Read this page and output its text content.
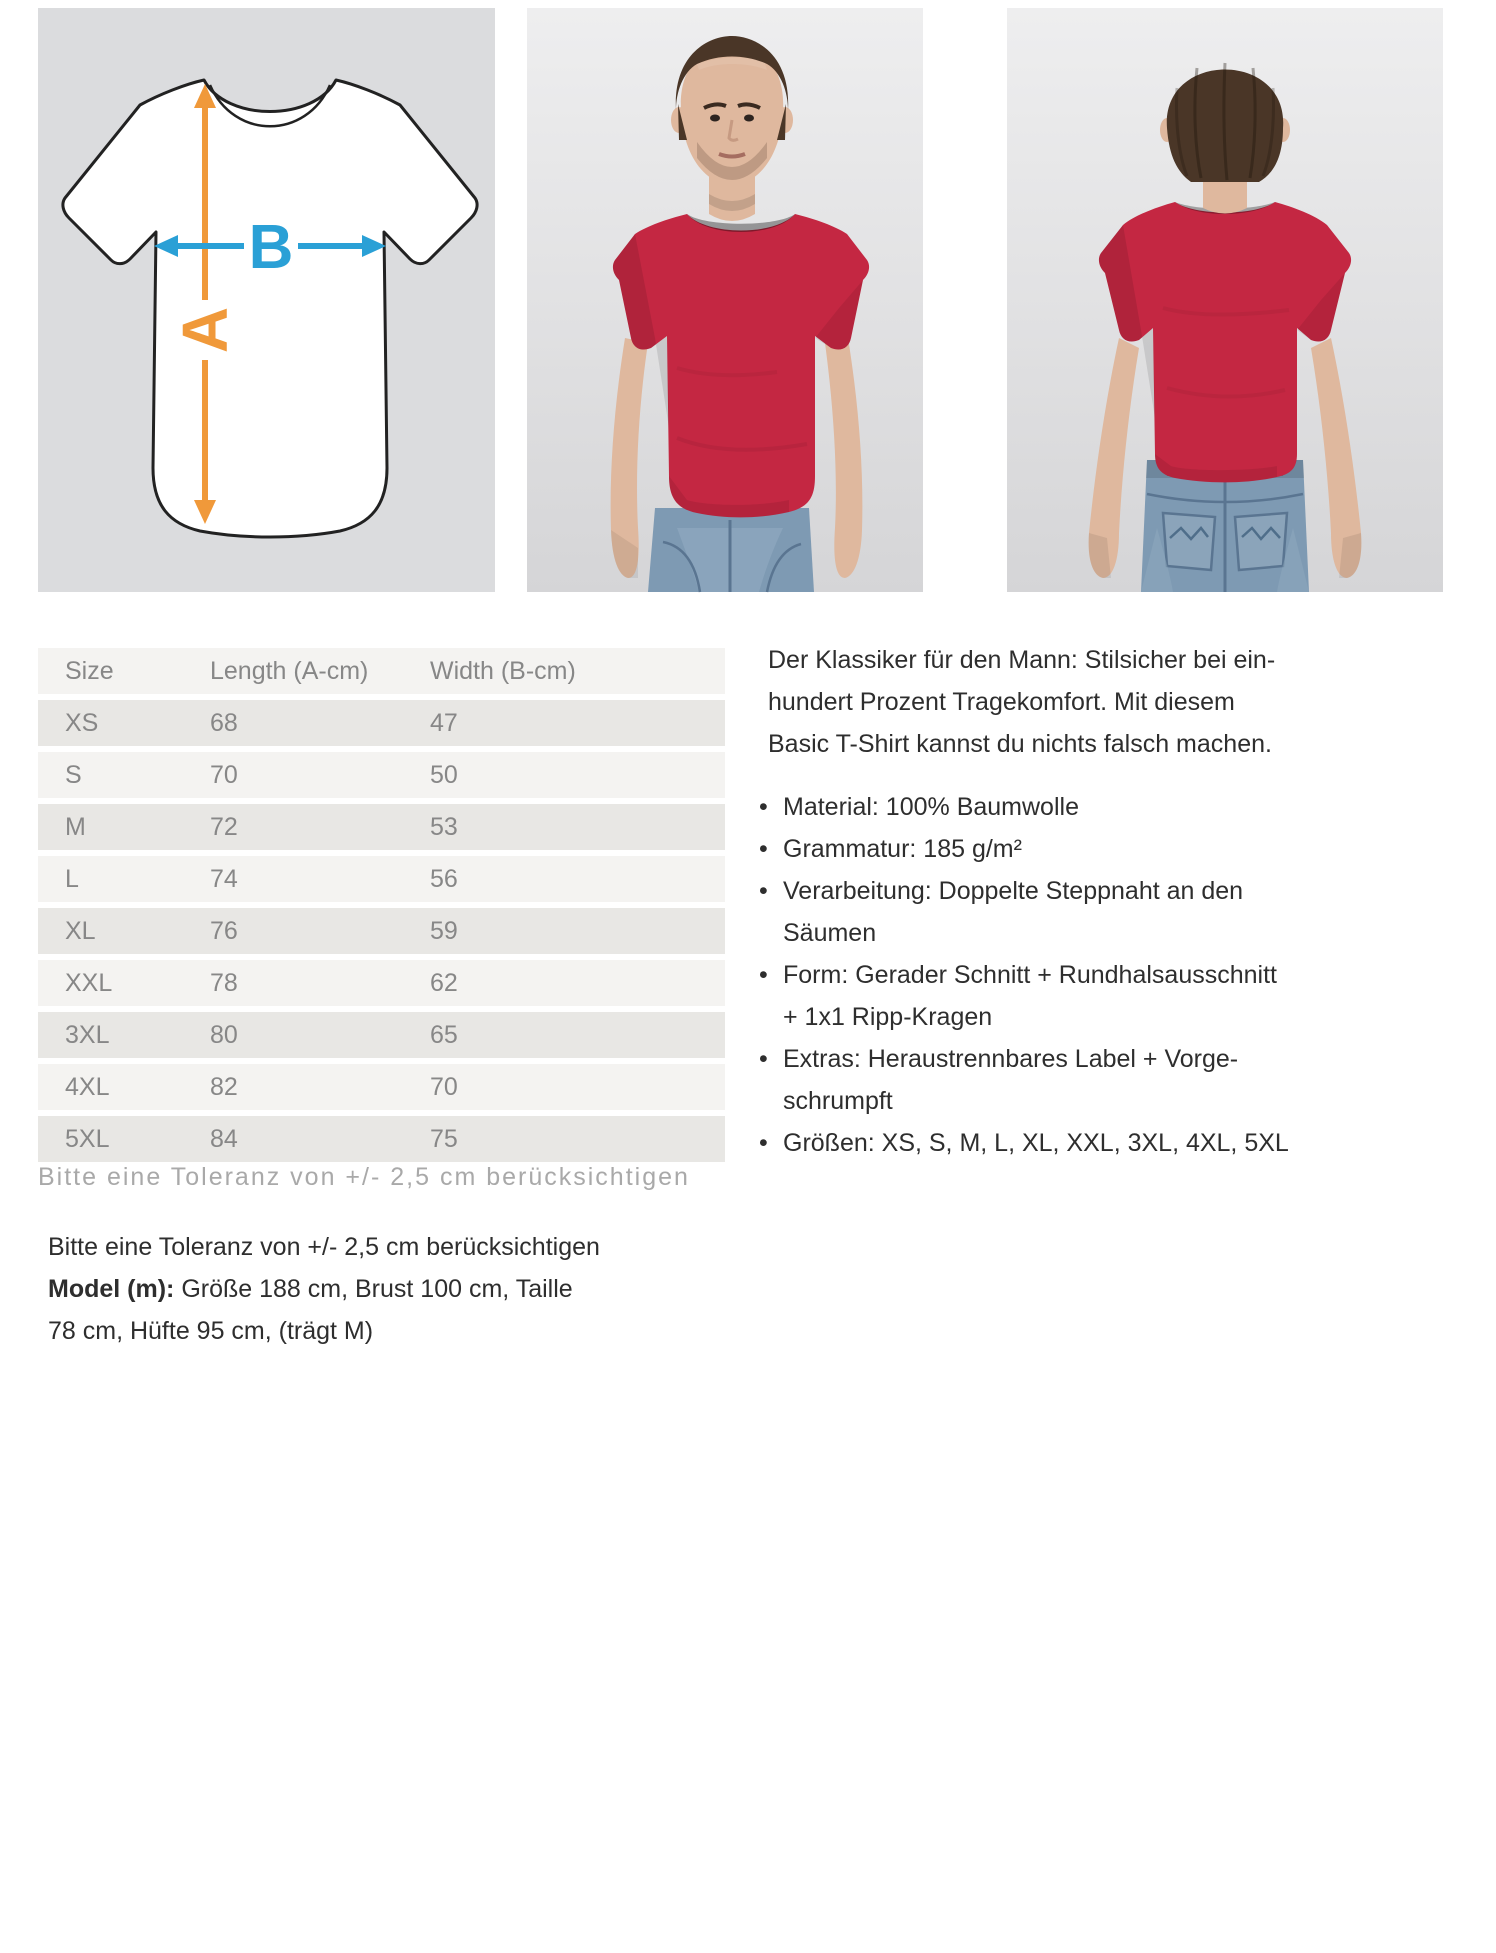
A
B
Size	Length (A-cm)	Width (B-cm)
XS	68	47
S	70	50
M	72	53
L	74	56
XL	76	59
XXL	78	62
3XL	80	65
4XL	82	70
5XL	84	75
Bitte eine Toleranz von +/- 2,5 cm berücksichtigen
Der Klassiker für den Mann: Stilsicher bei ein-
hundert Prozent Tragekomfort. Mit diesem
Basic T-Shirt kannst du nichts falsch machen.
• Material: 100% Baumwolle
• Grammatur: 185 g/m²
• Verarbeitung: Doppelte Steppnaht an den
Säumen
• Form: Gerader Schnitt + Rundhalsausschnitt
+ 1x1 Ripp-Kragen
• Extras: Heraustrennbares Label + Vorge-
schrumpft
• Größen: XS, S, M, L, XL, XXL, 3XL, 4XL, 5XL
Bitte eine Toleranz von +/- 2,5 cm berücksichtigen
Model (m): Größe 188 cm, Brust 100 cm, Taille
78 cm, Hüfte 95 cm, (trägt M)
